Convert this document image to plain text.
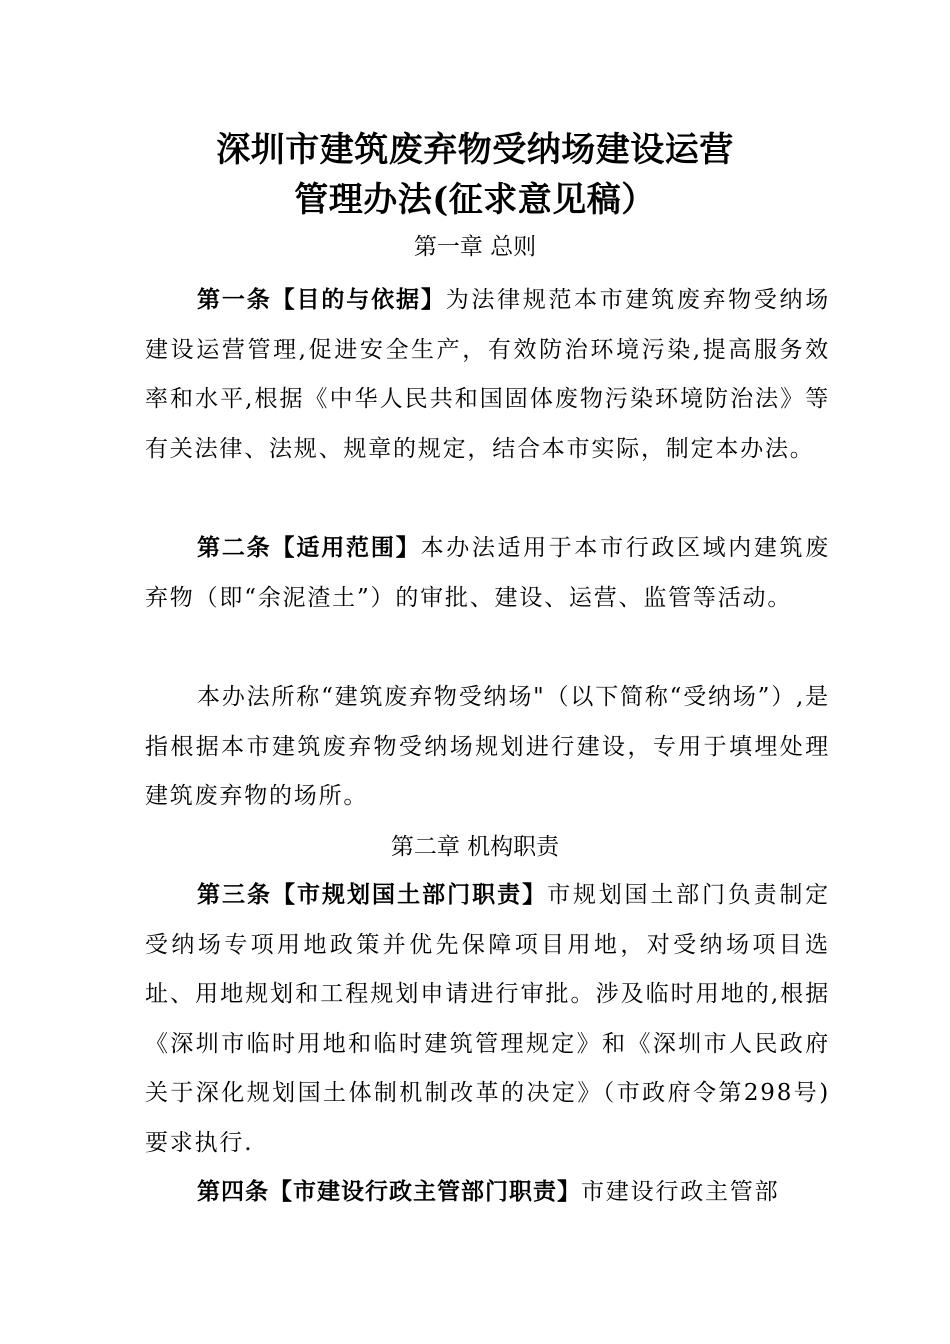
深圳市建筑废弃物受纳场建设运营
管理办法(征求意见稿）
第一章 总则

第一条【目的与依据】为法律规范本市建筑废弃物受纳场建设运营管理,促进安全生产，有效防治环境污染,提高服务效率和水平,根据《中华人民共和国固体废物污染环境防治法》等有关法律、法规、规章的规定，结合本市实际，制定本办法。

第二条【适用范围】本办法适用于本市行政区域内建筑废弃物（即“余泥渣土”）的审批、建设、运营、监管等活动。

本办法所称“建筑废弃物受纳场"（以下简称“受纳场”）,是指根据本市建筑废弃物受纳场规划进行建设，专用于填埋处理建筑废弃物的场所。

第二章 机构职责

第三条【市规划国土部门职责】市规划国土部门负责制定受纳场专项用地政策并优先保障项目用地，对受纳场项目选址、用地规划和工程规划申请进行审批。涉及临时用地的,根据《深圳市临时用地和临时建筑管理规定》和《深圳市人民政府关于深化规划国土体制机制改革的决定》（市政府令第298号)要求执行.

第四条【市建设行政主管部门职责】市建设行政主管部
